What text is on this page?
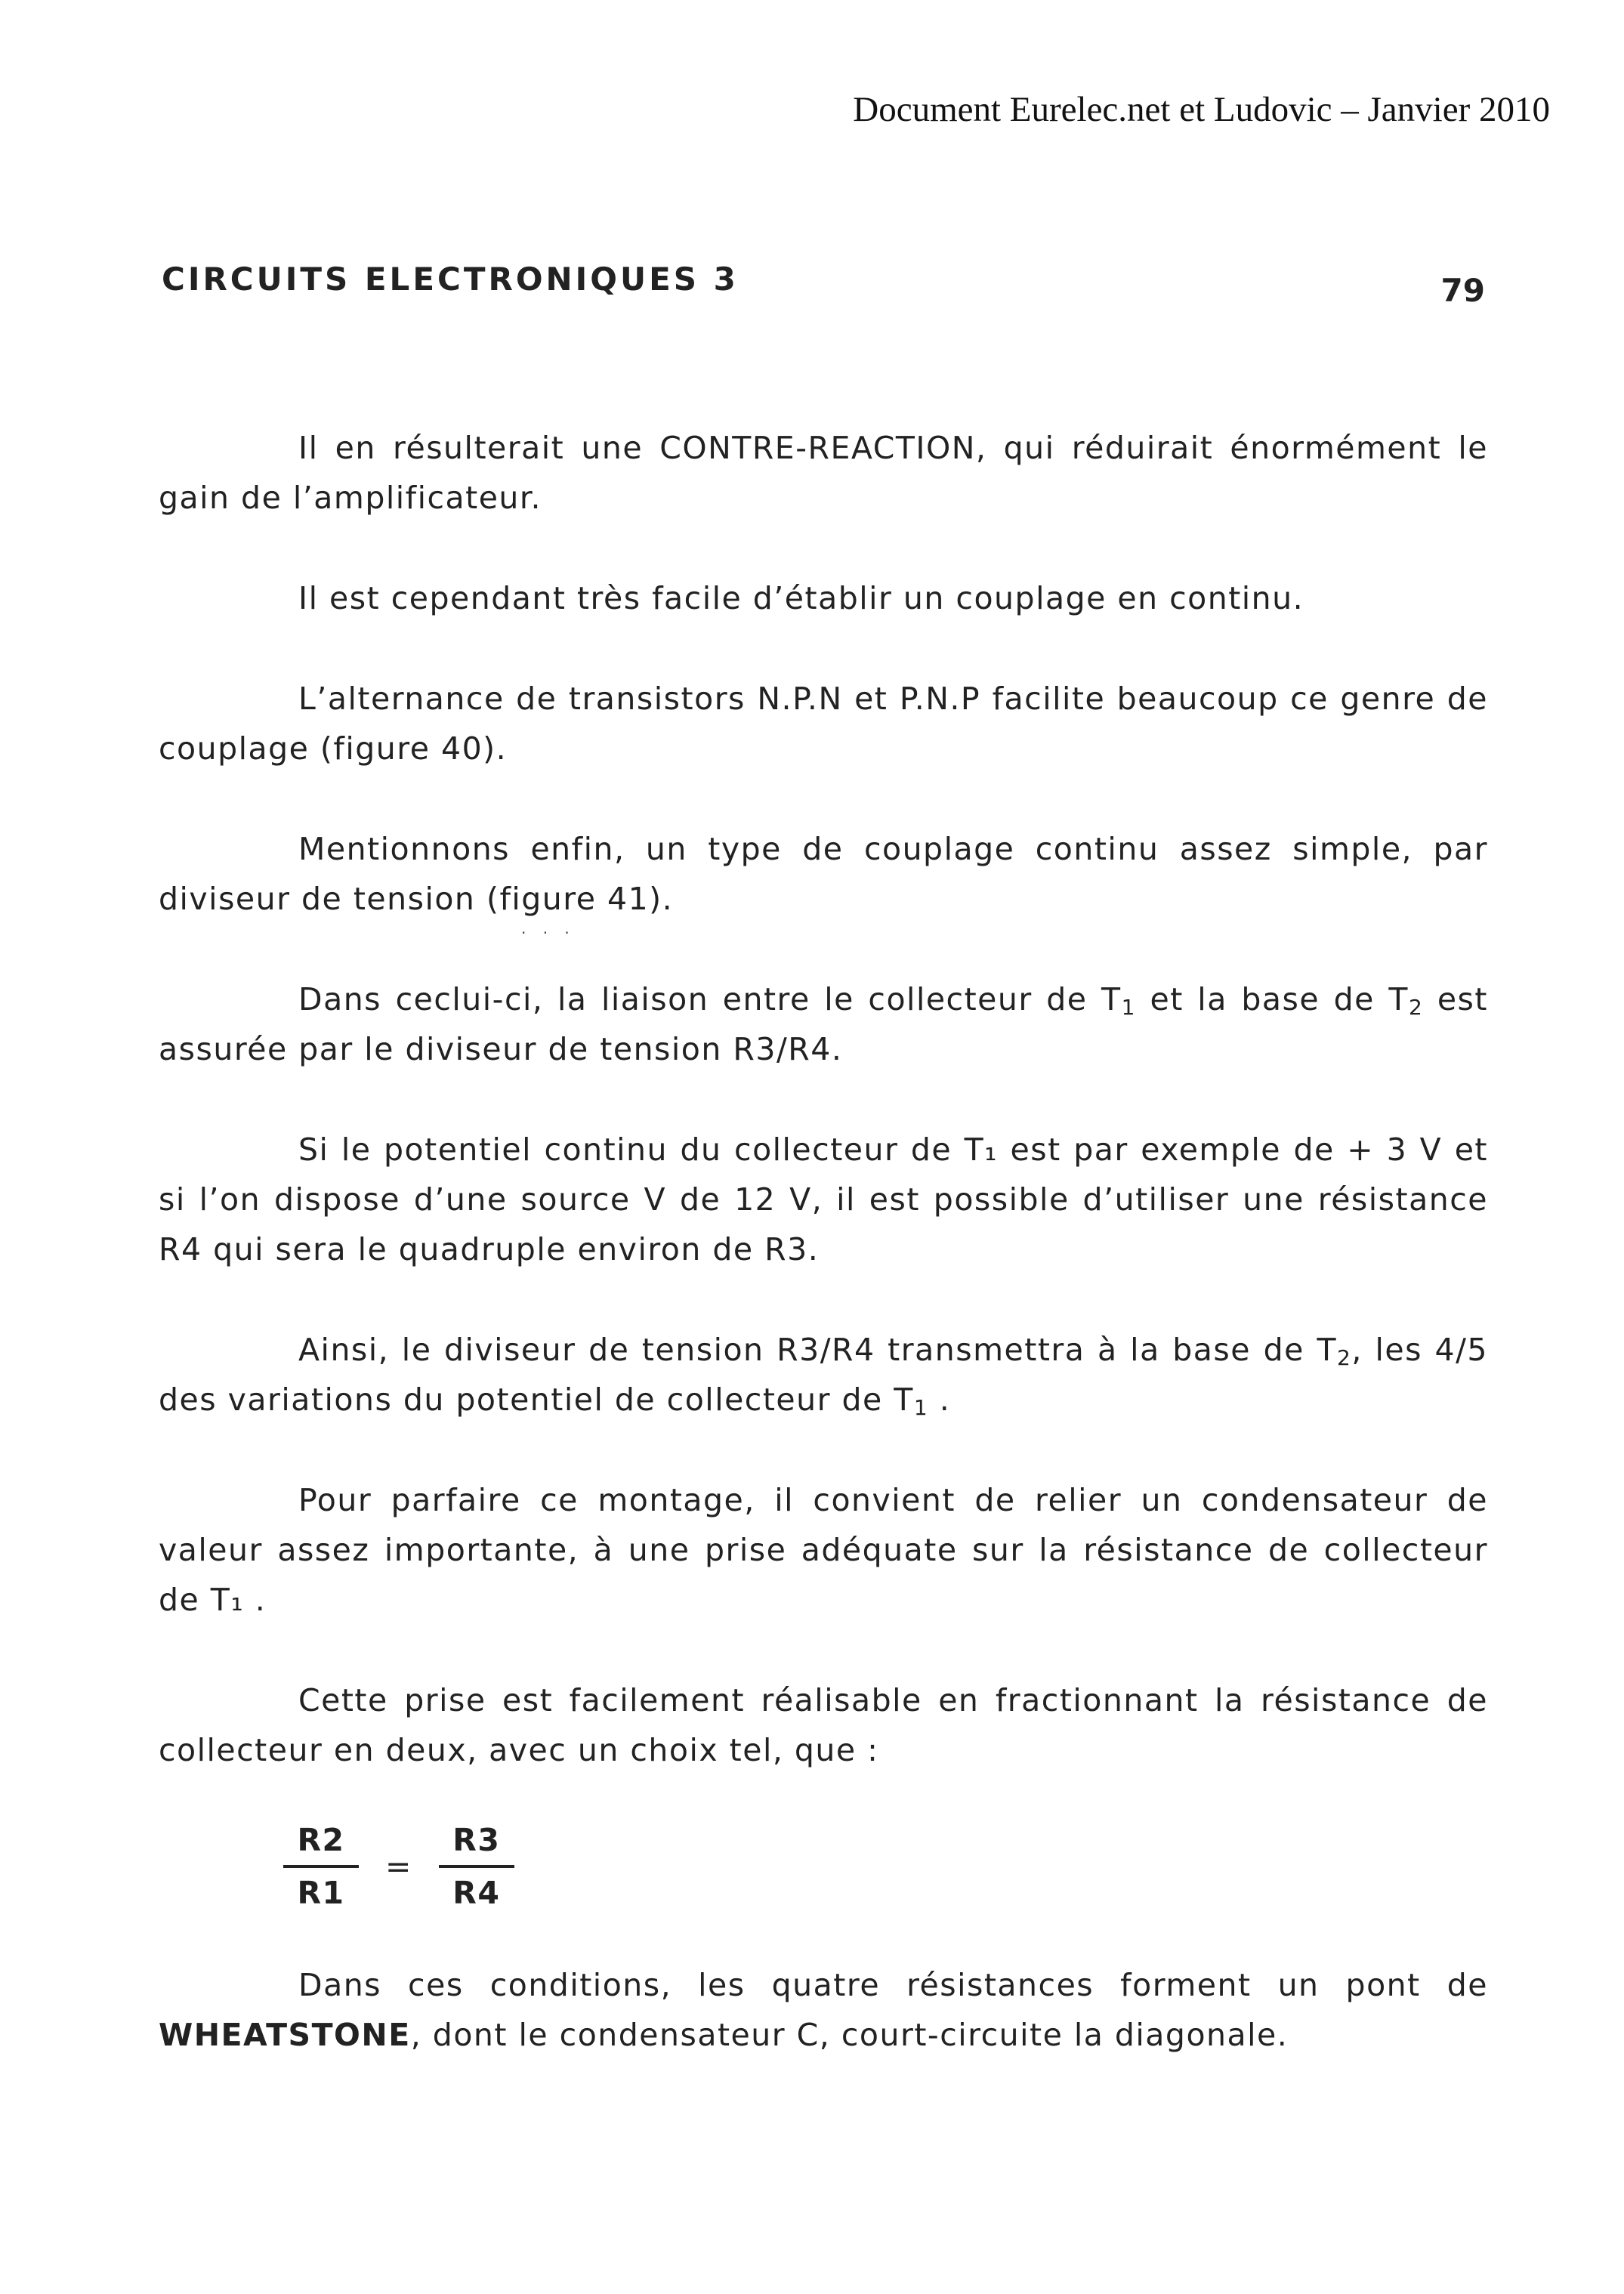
Document Eurelec.net et Ludovic – Janvier 2010
CIRCUITS ELECTRONIQUES 3	79

Il en résulterait une CONTRE-REACTION, qui réduirait énormément le gain de l’amplificateur.

Il est cependant très facile d’établir un couplage en continu.

L’alternance de transistors N.P.N et P.N.P facilite beaucoup ce genre de couplage (figure 40).

Mentionnons enfin, un type de couplage continu assez simple, par diviseur de tension (figure 41).

· · ·

Dans ceclui-ci, la liaison entre le collecteur de $T_1$ et la base de $T_2$ est assurée par le diviseur de tension R3/R4.

Si le potentiel continu du collecteur de T₁ est par exemple de + 3 V et si l’on dispose d’une source V de 12 V, il est possible d’utiliser une résistance R4 qui sera le quadruple environ de R3.

Ainsi, le diviseur de tension R3/R4 transmettra à la base de $T_2$, les 4/5 des variations du potentiel de collecteur de $T_1$ .

Pour parfaire ce montage, il convient de relier un condensateur de valeur assez importante, à une prise adéquate sur la résistance de collecteur de T₁ .

Cette prise est facilement réalisable en fractionnant la résistance de collecteur en deux, avec un choix tel, que :

$\frac{R2}{R1} = \frac{R3}{R4}$

Dans ces conditions, les quatre résistances forment un pont de WHEATSTONE, dont le condensateur C, court-circuite la diagonale.
